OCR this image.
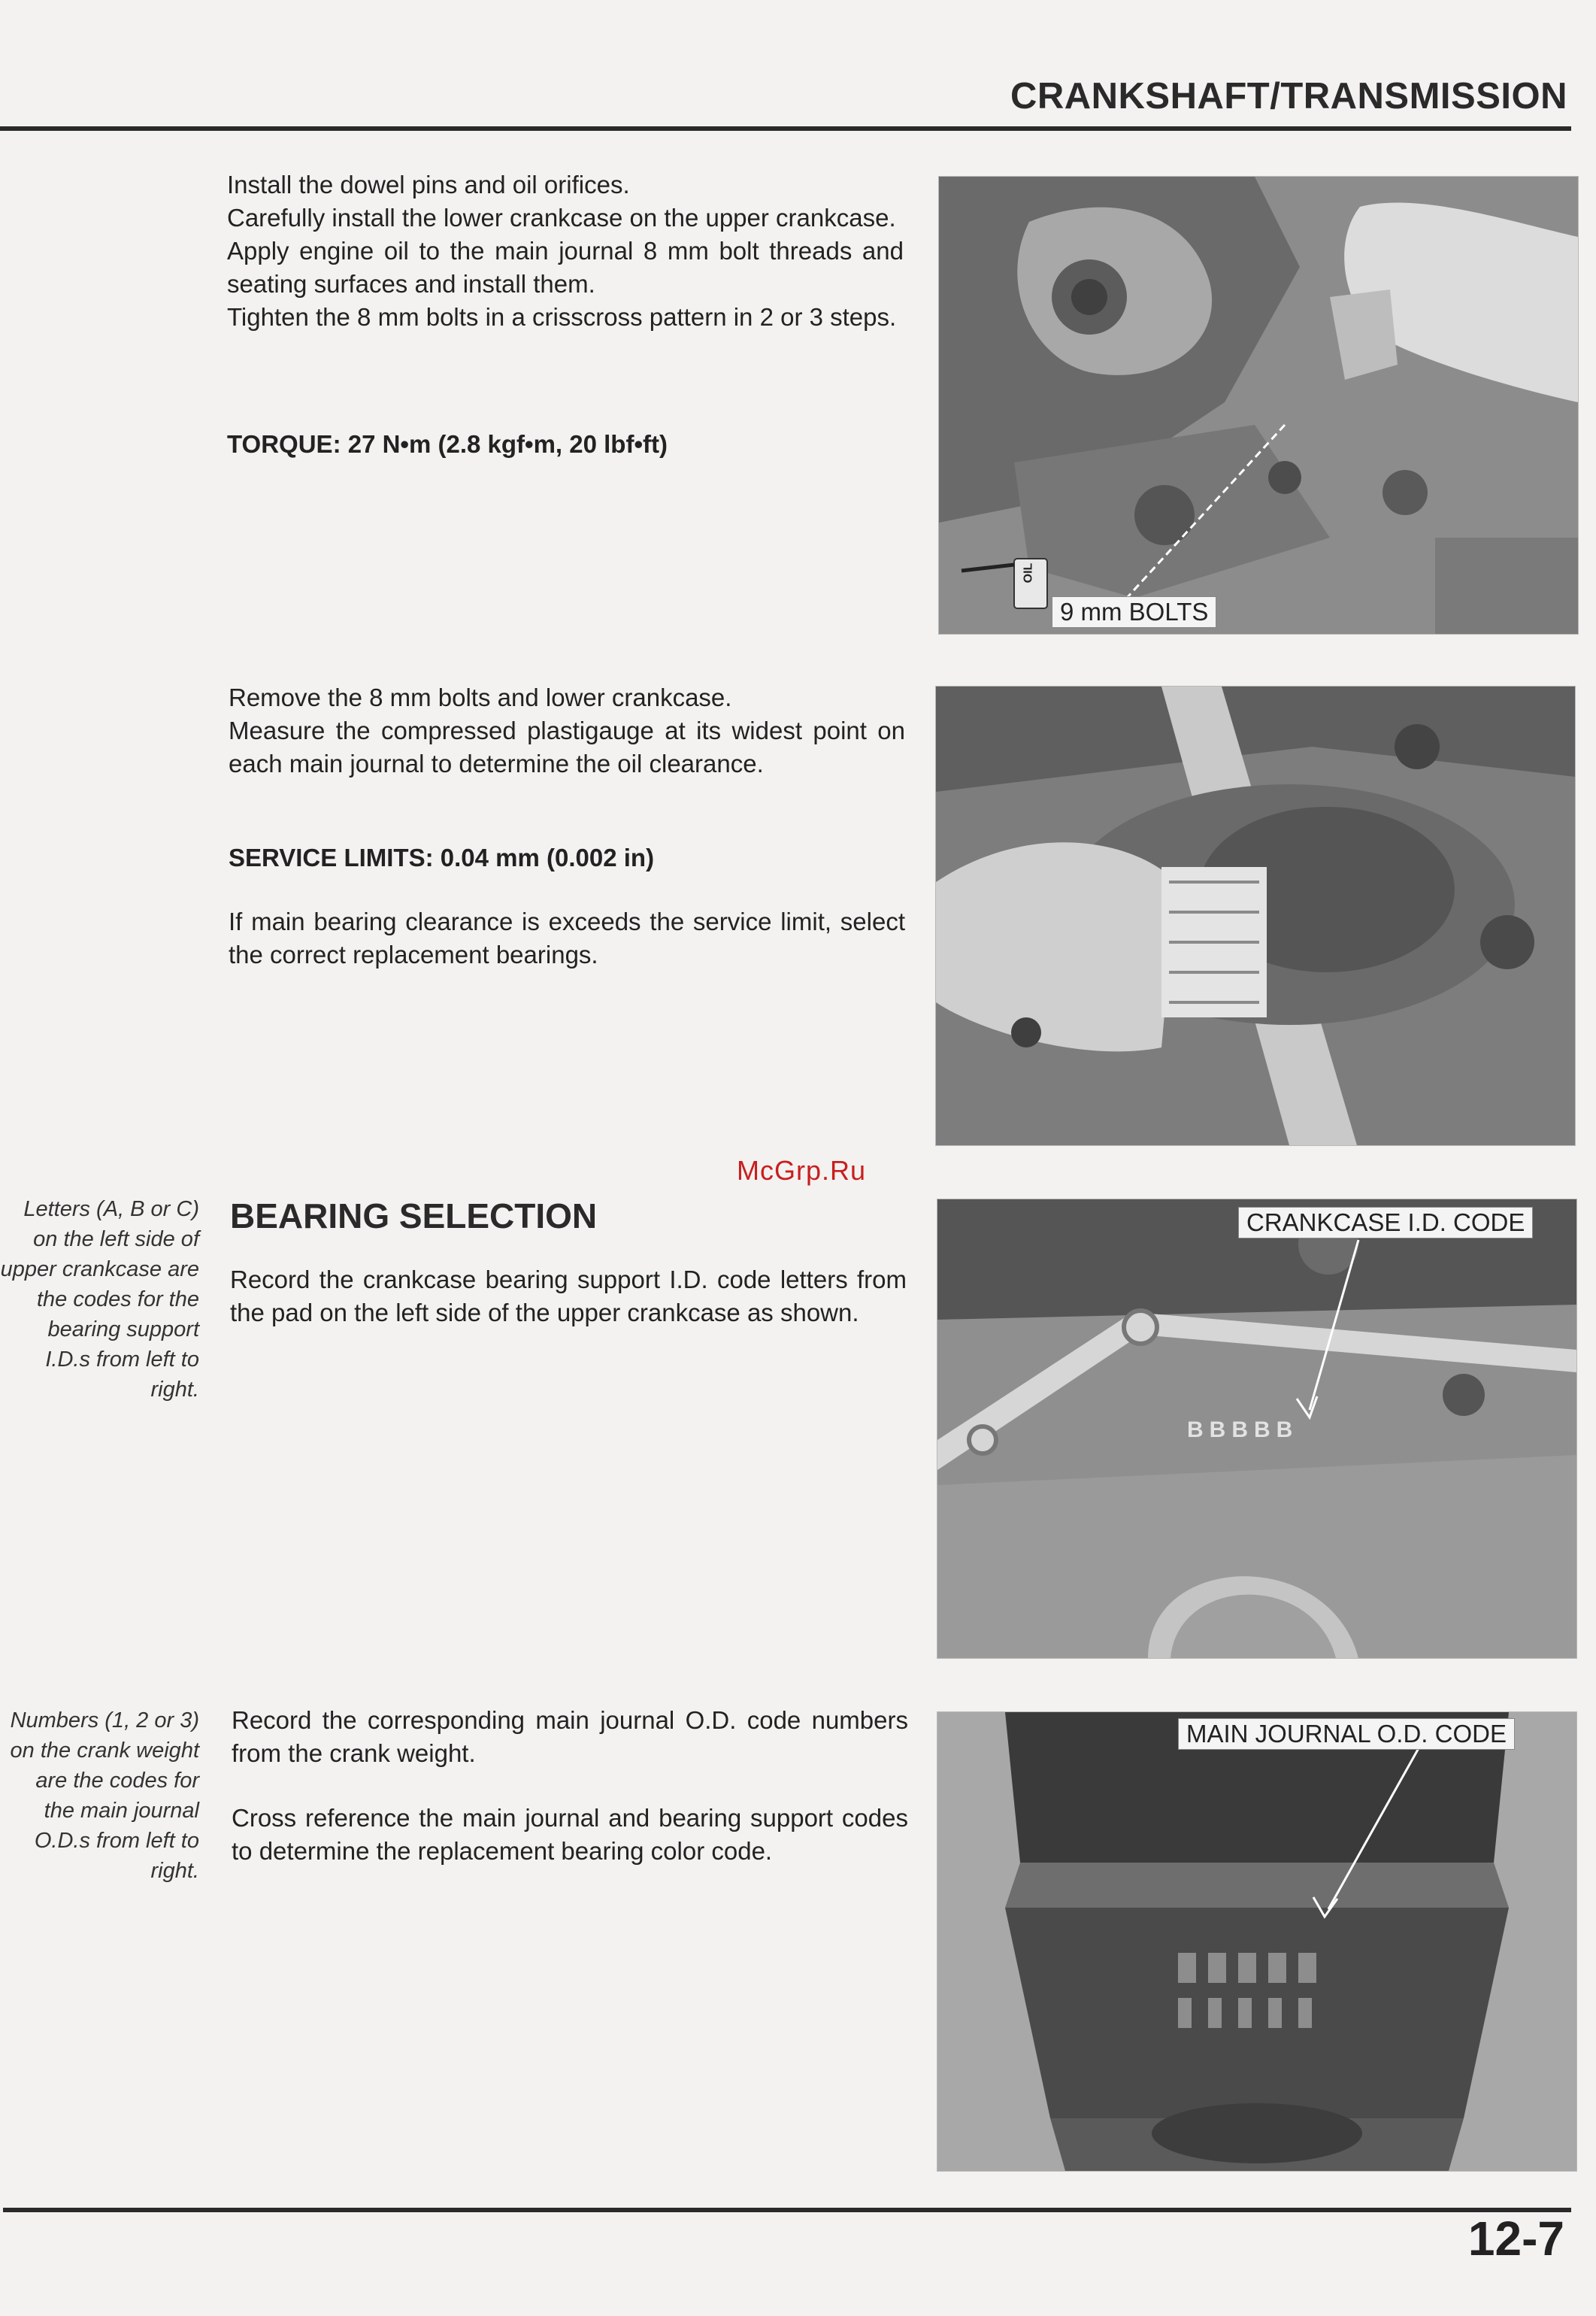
CRANKSHAFT/TRANSMISSION

Install the dowel pins and oil orifices.

Carefully install the lower crankcase on the upper crankcase.

Apply engine oil to the main journal 8 mm bolt threads and seating surfaces and install them.

Tighten the 8 mm bolts in a crisscross pattern in 2 or 3 steps.

TORQUE: 27 N•m (2.8 kgf•m, 20 lbf•ft)
9 mm BOLTS
OIL

Remove the 8 mm bolts and lower crankcase.

Measure the compressed plastigauge at its widest point on each main journal to determine the oil clearance.

SERVICE LIMITS: 0.04 mm (0.002 in)
If main bearing clearance is exceeds the service limit, select the correct replacement bearings.
McGrp.Ru
Letters (A, B or C) on the left side of upper crankcase are the codes for the bearing support I.D.s from left to right.
BEARING SELECTION
Record the crankcase bearing support I.D. code letters from the pad on the left side of the upper crankcase as shown.
BBBBB
CRANKCASE I.D. CODE
Numbers (1, 2 or 3) on the crank weight are the codes for the main journal O.D.s from left to right.
Record the corresponding main journal O.D. code numbers from the crank weight.
Cross reference the main journal and bearing support codes to determine the replacement bearing color code.
MAIN JOURNAL O.D. CODE
12-7
